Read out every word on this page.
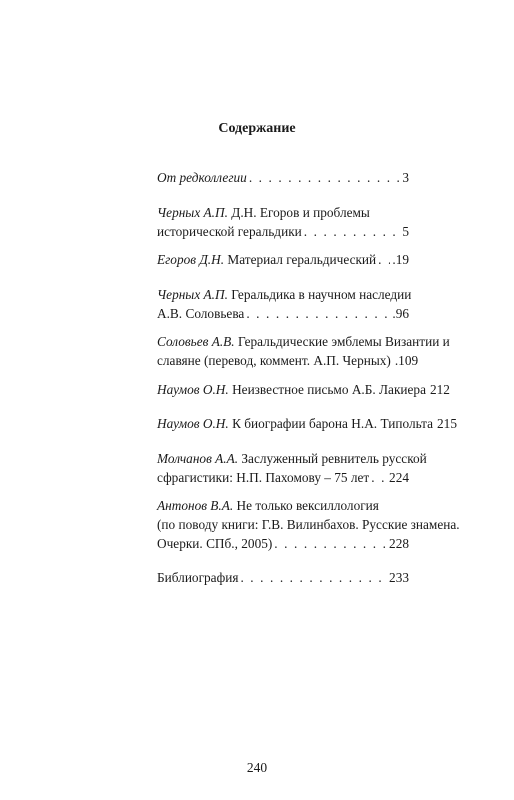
Содержание
От редколлегии . . .	3
Черных А.П. Д.Н. Егоров и проблемы
исторической геральдики . . .	5
Егоров Д.Н. Материал геральдический . . . .19
Черных А.П. Геральдика в научном наследии
А.В. Соловьева . . .	.96
Соловьев А.В. Геральдические эмблемы Византии и
славяне (перевод, коммент. А.П. Черных) .109
Наумов О.Н. Неизвестное письмо А.Б. Лакиера 212
Наумов О.Н. К биографии барона Н.А. Типольта 215
Молчанов А.А. Заслуженный ревнитель русской
сфрагистики: Н.П. Пахомову – 75 лет . . . 224
Антонов В.А. Не только вексиллология
(по поводу книги: Г.В. Вилинбахов. Русские знамена.
Очерки. СПб., 2005) . . .	228
Библиография . . .	233
240
